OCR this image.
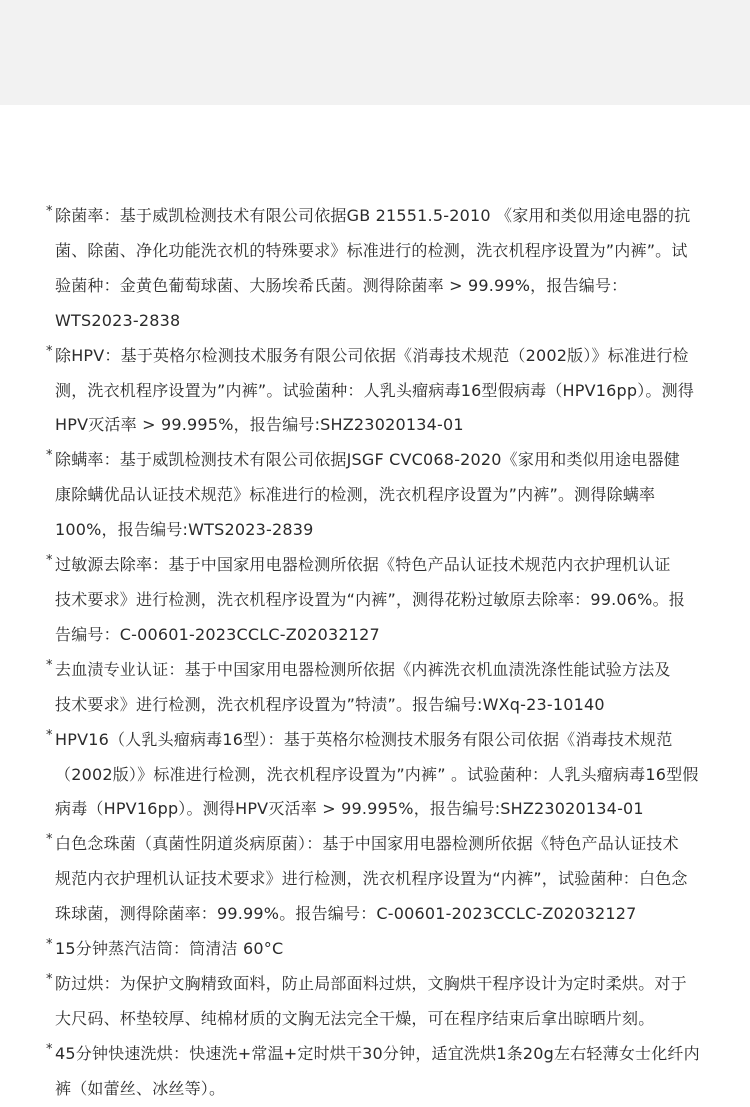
* 除菌率：基于威凯检测技术有限公司依据GB 21551.5-2010 《家用和类似用途电器的抗
菌、除菌、净化功能洗衣机的特殊要求》标准进行的检测，洗衣机程序设置为”内裤”。试
验菌种：金黄色葡萄球菌、大肠埃希氏菌。测得除菌率 > 99.99%，报告编号：
WTS2023-2838
* 除HPV：基于英格尔检测技术服务有限公司依据《消毒技术规范（2002版）》标准进行检
测，洗衣机程序设置为”内裤”。试验菌种：人乳头瘤病毒16型假病毒（HPV16pp）。测得
HPV灭活率 > 99.995%，报告编号:SHZ23020134-01
* 除螨率：基于威凯检测技术有限公司依据JSGF CVC068-2020《家用和类似用途电器健
康除螨优品认证技术规范》标准进行的检测，洗衣机程序设置为”内裤”。测得除螨率
100%，报告编号:WTS2023-2839
* 过敏源去除率：基于中国家用电器检测所依据《特色产品认证技术规范内衣护理机认证
技术要求》进行检测，洗衣机程序设置为“内裤”，测得花粉过敏原去除率：99.06%。报
告编号：C-00601-2023CCLC-Z02032127
* 去血渍专业认证：基于中国家用电器检测所依据《内裤洗衣机血渍洗涤性能试验方法及
技术要求》进行检测，洗衣机程序设置为”特渍”。报告编号:WXq-23-10140
* HPV16（人乳头瘤病毒16型）：基于英格尔检测技术服务有限公司依据《消毒技术规范
（2002版）》标准进行检测，洗衣机程序设置为”内裤” 。试验菌种：人乳头瘤病毒16型假
病毒（HPV16pp）。测得HPV灭活率 > 99.995%，报告编号:SHZ23020134-01
* 白色念珠菌（真菌性阴道炎病原菌）：基于中国家用电器检测所依据《特色产品认证技术
规范内衣护理机认证技术要求》进行检测，洗衣机程序设置为“内裤”，试验菌种：白色念
珠球菌，测得除菌率：99.99%。报告编号：C-00601-2023CCLC-Z02032127
* 15分钟蒸汽洁筒：筒清洁 60°C
* 防过烘：为保护文胸精致面料，防止局部面料过烘，文胸烘干程序设计为定时柔烘。对于
大尺码、杯垫较厚、纯棉材质的文胸无法完全干燥，可在程序结束后拿出晾晒片刻。
* 45分钟快速洗烘：快速洗+常温+定时烘干30分钟，适宜洗烘1条20g左右轻薄女士化纤内
裤（如蕾丝、冰丝等）。
